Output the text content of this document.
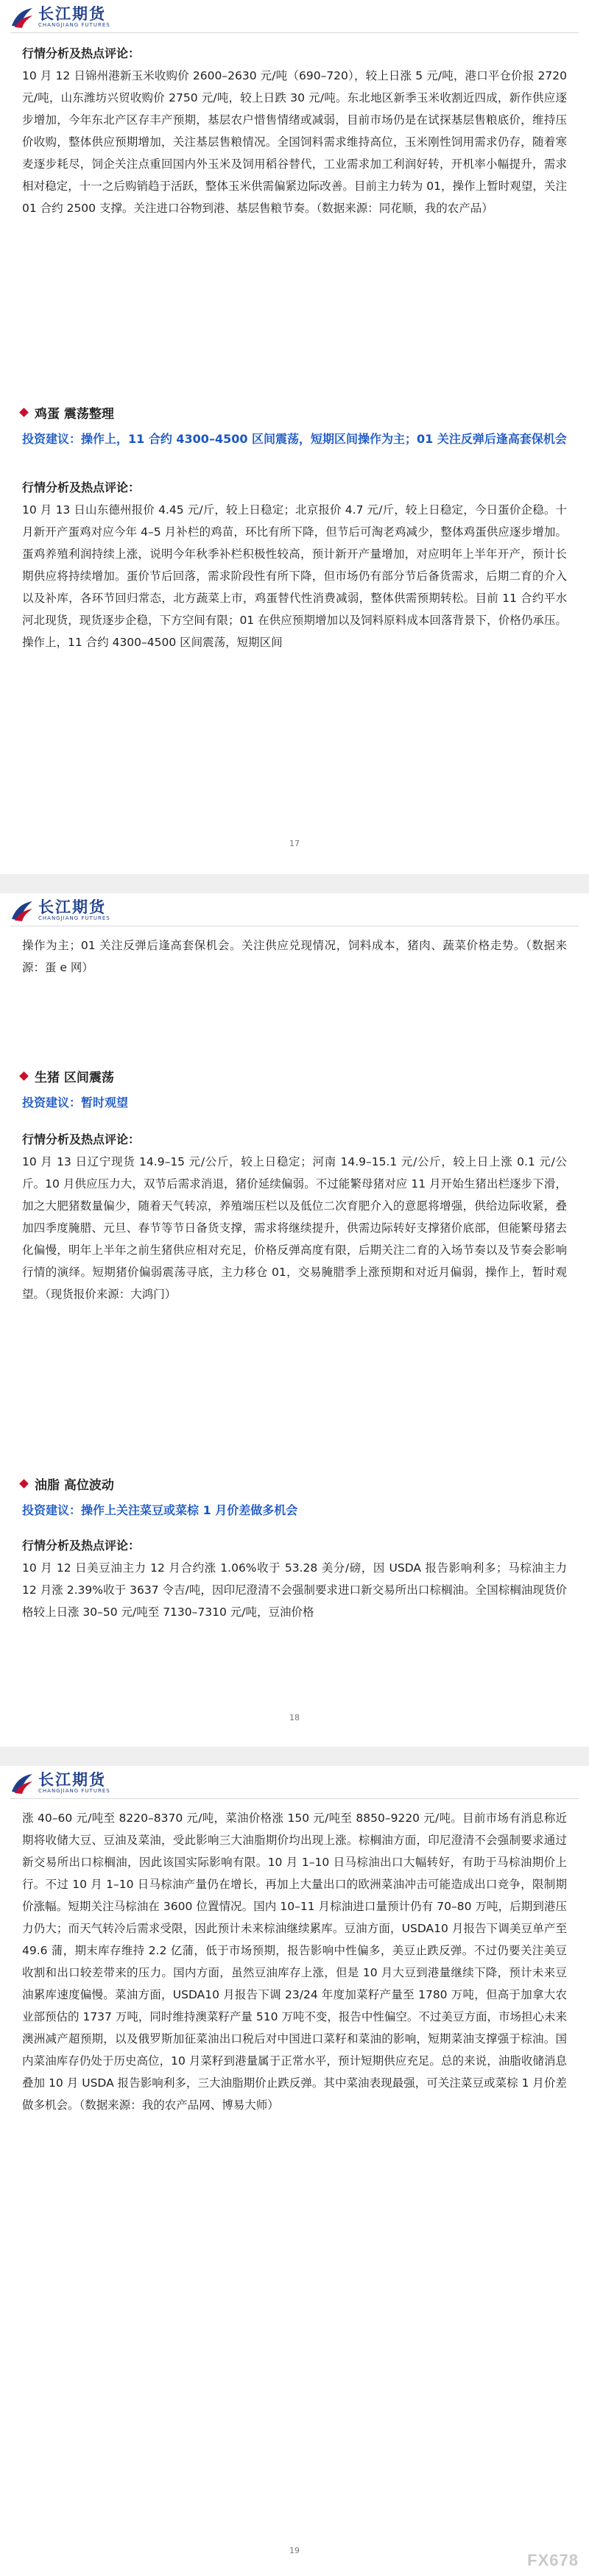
长江期货
CHANGJIANG FUTURES
行情分析及热点评论：
10 月 12 日锦州港新玉米收购价 2600–2630 元/吨（690–720），较上日涨 5 元/吨，港口平仓价报 2720 元/吨，山东潍坊兴贸收购价 2750 元/吨，较上日跌 30 元/吨。东北地区新季玉米收割近四成，新作供应逐步增加，今年东北产区存丰产预期，基层农户惜售情绪或减弱，目前市场仍是在试探基层售粮底价，维持压价收购，整体供应预期增加，关注基层售粮情况。全国饲料需求维持高位，玉米刚性饲用需求仍存，随着寒麦逐步耗尽，饲企关注点重回国内外玉米及饲用稻谷替代，工业需求加工利润好转，开机率小幅提升，需求相对稳定，十一之后购销趋于活跃，整体玉米供需偏紧边际改善。目前主力转为 01，操作上暂时观望，关注 01 合约 2500 支撑。关注进口谷物到港、基层售粮节奏。（数据来源：同花顺，我的农产品）
鸡蛋 震荡整理
投资建议：操作上，11 合约 4300–4500 区间震荡，短期区间操作为主；01 关注反弹后逢高套保机会
行情分析及热点评论：
10 月 13 日山东德州报价 4.45 元/斤，较上日稳定；北京报价 4.7 元/斤，较上日稳定，今日蛋价企稳。十月新开产蛋鸡对应今年 4–5 月补栏的鸡苗，环比有所下降，但节后可淘老鸡减少，整体鸡蛋供应逐步增加。蛋鸡养殖利润持续上涨，说明今年秋季补栏积极性较高，预计新开产量增加，对应明年上半年开产，预计长期供应将持续增加。蛋价节后回落，需求阶段性有所下降，但市场仍有部分节后备货需求，后期二育的介入以及补库，各环节回归常态，北方蔬菜上市，鸡蛋替代性消费减弱，整体供需预期转松。目前 11 合约平水河北现货，现货逐步企稳，下方空间有限；01 在供应预期增加以及饲料原料成本回落背景下，价格仍承压。操作上，11 合约 4300–4500 区间震荡，短期区间
17
长江期货
CHANGJIANG FUTURES
操作为主；01 关注反弹后逢高套保机会。关注供应兑现情况，饲料成本，猪肉、蔬菜价格走势。（数据来源：蛋 e 网）
生猪 区间震荡
投资建议：暂时观望
行情分析及热点评论：
10 月 13 日辽宁现货 14.9–15 元/公斤，较上日稳定；河南 14.9–15.1 元/公斤，较上日上涨 0.1 元/公斤。10 月供应压力大，双节后需求消退，猪价延续偏弱。不过能繁母猪对应 11 月开始生猪出栏逐步下滑，加之大肥猪数量偏少，随着天气转凉，养殖端压栏以及低位二次育肥介入的意愿将增强，供给边际收紧，叠加四季度腌腊、元旦、春节等节日备货支撑，需求将继续提升，供需边际转好支撑猪价底部，但能繁母猪去化偏慢，明年上半年之前生猪供应相对充足，价格反弹高度有限，后期关注二育的入场节奏以及节奏会影响行情的演绎。短期猪价偏弱震荡寻底，主力移仓 01，交易腌腊季上涨预期和对近月偏弱，操作上，暂时观望。（现货报价来源：大鸿门）
油脂 高位波动
投资建议：操作上关注菜豆或菜棕 1 月价差做多机会
行情分析及热点评论：
10 月 12 日美豆油主力 12 月合约涨 1.06%收于 53.28 美分/磅，因 USDA 报告影响利多；马棕油主力 12 月涨 2.39%收于 3637 令吉/吨，因印尼澄清不会强制要求进口新交易所出口棕榈油。全国棕榈油现货价格较上日涨 30–50 元/吨至 7130–7310 元/吨，豆油价格
18
长江期货
CHANGJIANG FUTURES
涨 40–60 元/吨至 8220–8370 元/吨，菜油价格涨 150 元/吨至 8850–9220 元/吨。目前市场有消息称近期将收储大豆、豆油及菜油，受此影响三大油脂期价均出现上涨。棕榈油方面，印尼澄清不会强制要求通过新交易所出口棕榈油，因此该国实际影响有限。10 月 1–10 日马棕油出口大幅转好，有助于马棕油期价上行。不过 10 月 1–10 日马棕油产量仍在增长，再加上大量出口的欧洲菜油冲击可能造成出口竞争，限制期价涨幅。短期关注马棕油在 3600 位置情况。国内 10–11 月棕油进口量预计仍有 70–80 万吨，后期到港压力仍大；而天气转冷后需求受限，因此预计未来棕油继续累库。豆油方面，USDA10 月报告下调美豆单产至 49.6 蒲，期末库存维持 2.2 亿蒲，低于市场预期，报告影响中性偏多，美豆止跌反弹。不过仍要关注美豆收割和出口较差带来的压力。国内方面，虽然豆油库存上涨，但是 10 月大豆到港量继续下降，预计未来豆油累库速度偏慢。菜油方面，USDA10 月报告下调 23/24 年度加菜籽产量至 1780 万吨，但高于加拿大农业部预估的 1737 万吨，同时维持澳菜籽产量 510 万吨不变，报告中性偏空。不过美豆方面，市场担心未来澳洲减产超预期，以及俄罗斯加征菜油出口税后对中国进口菜籽和菜油的影响，短期菜油支撑强于棕油。国内菜油库存仍处于历史高位，10 月菜籽到港量属于正常水平，预计短期供应充足。总的来说，油脂收储消息叠加 10 月 USDA 报告影响利多，三大油脂期价止跌反弹。其中菜油表现最强，可关注菜豆或菜棕 1 月价差做多机会。（数据来源：我的农产品网、博易大师）
19
FX678
